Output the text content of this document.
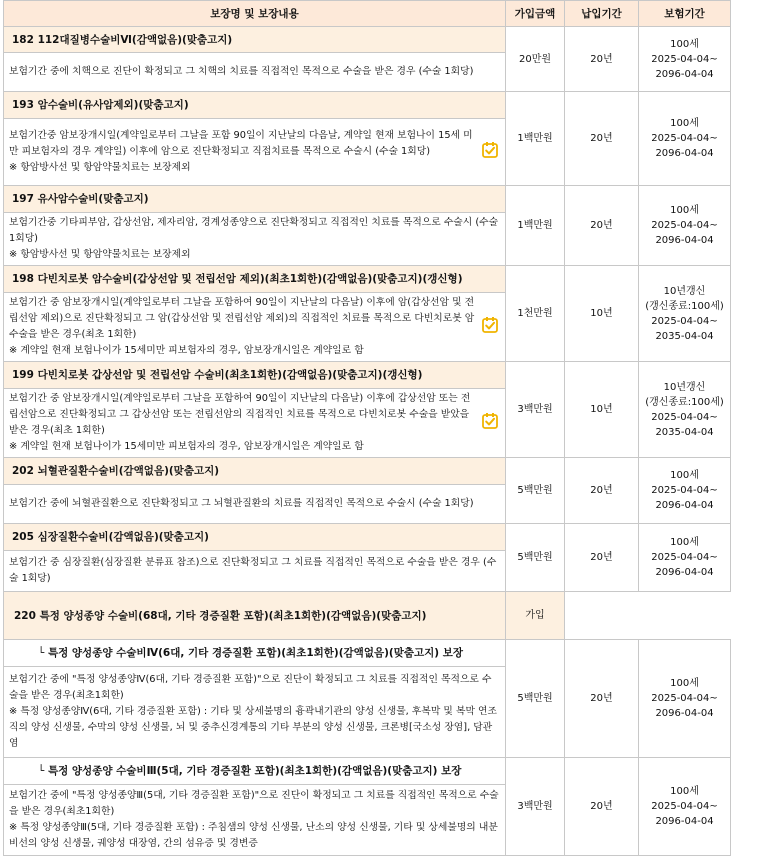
보장명 및 보장내용	가입금액	납입기간	보험기간
182 112대질병수술비Ⅵ(감액없음)(맞춤고지)	20만원	20년	100세
2025-04-04~
2096-04-04

보험기간 중에 치핵으로 진단이 확정되고 그 치핵의 치료를 직접적인 목적으로 수술을 받은 경우 (수술 1회당)			
193 암수술비(유사암제외)(맞춤고지)	1백만원	20년	100세
2025-04-04~
2096-04-04

보험기간중 암보장개시일(계약일로부터 그날을 포함 90일이 지난날의 다음날, 계약일 현재 보험나이 15세 미만 피보험자의 경우 계약일) 이후에 암으로 진단확정되고 직접치료를 목적으로 수술시 (수술 1회당)
※ 항암방사선 및 항암약물치료는 보장제외			

197 유사암수술비(맞춤고지)	1백만원	20년	100세
2025-04-04~
2096-04-04

보험기간중 기타피부암, 갑상선암, 제자리암, 경계성종양으로 진단확정되고 직접적인 치료를 목적으로 수술시 (수술 1회당)
※ 항암방사선 및 항암약물치료는 보장제외			

198 다빈치로봇 암수술비(갑상선암 및 전립선암 제외)(최초1회한)(감액없음)(맞춤고지)(갱신형)	1천만원	10년	10년갱신
(갱신종료:100세)
2025-04-04~
2035-04-04

보험기간 중 암보장개시일(계약일로부터 그날을 포함하여 90일이 지난날의 다음날) 이후에 암(갑상선암 및 전립선암 제외)으로 진단확정되고 그 암(갑상선암 및 전립선암 제외)의 직접적인 치료를 목적으로 다빈치로봇 암수술을 받은 경우(최초 1회한)
※ 계약일 현재 보험나이가 15세미만 피보험자의 경우, 암보장개시일은 계약일로 함			

199 다빈치로봇 갑상선암 및 전립선암 수술비(최초1회한)(감액없음)(맞춤고지)(갱신형)	3백만원	10년	10년갱신
(갱신종료:100세)
2025-04-04~
2035-04-04

보험기간 중 암보장개시일(계약일로부터 그날을 포함하여 90일이 지난날의 다음날) 이후에 갑상선암 또는 전립선암으로 진단확정되고 그 갑상선암 또는 전립선암의 직접적인 치료를 목적으로 다빈치로봇 수술을 받았을 받은 경우(최초 1회한)
※ 계약일 현재 보험나이가 15세미만 피보험자의 경우, 암보장개시일은 계약일로 함			

202 뇌혈관질환수술비(감액없음)(맞춤고지)	5백만원	20년	100세
2025-04-04~
2096-04-04

보험기간 중에 뇌혈관질환으로 진단확정되고 그 뇌혈관질환의 치료를 직접적인 목적으로 수술시 (수술 1회당)			
205 심장질환수술비(감액없음)(맞춤고지)	5백만원	20년	100세
2025-04-04~
2096-04-04

보험기간 중 심장질환(심장질환 분류표 참조)으로 진단확정되고 그 치료를 직접적인 목적으로 수술을 받은 경우 (수술 1회당)			
220 특정 양성종양 수술비(68대, 기타 경증질환 포함)(최초1회한)(감액없음)(맞춤고지)	가입		
└ 특정 양성종양 수술비Ⅳ(6대, 기타 경증질환 포함)(최초1회한)(감액없음)(맞춤고지) 보장	5백만원	20년	100세
2025-04-04~
2096-04-04

보험기간 중에 "특정 양성종양Ⅳ(6대, 기타 경증질환 포함)"으로 진단이 확정되고 그 치료를 직접적인 목적으로 수술을 받은 경우(최초1회한)
※ 특정 양성종양Ⅳ(6대, 기타 경증질환 포함) : 기타 및 상세불명의 흉곽내기관의 양성 신생물, 후복막 및 복막 연조직의 양성 신생물, 수막의 양성 신생물, 뇌 및 중추신경계통의 기타 부분의 양성 신생물, 크론병[국소성 장염], 담관염			

└ 특정 양성종양 수술비Ⅲ(5대, 기타 경증질환 포함)(최초1회한)(감액없음)(맞춤고지) 보장	3백만원	20년	100세
2025-04-04~
2096-04-04

보험기간 중에 "특정 양성종양Ⅲ(5대, 기타 경증질환 포함)"으로 진단이 확정되고 그 치료를 직접적인 목적으로 수술을 받은 경우(최초1회한)
※ 특정 양성종양Ⅲ(5대, 기타 경증질환 포함) : 주침샘의 양성 신생물, 난소의 양성 신생물, 기타 및 상세불명의 내분비선의 양성 신생물, 궤양성 대장염, 간의 섬유증 및 경변증			
